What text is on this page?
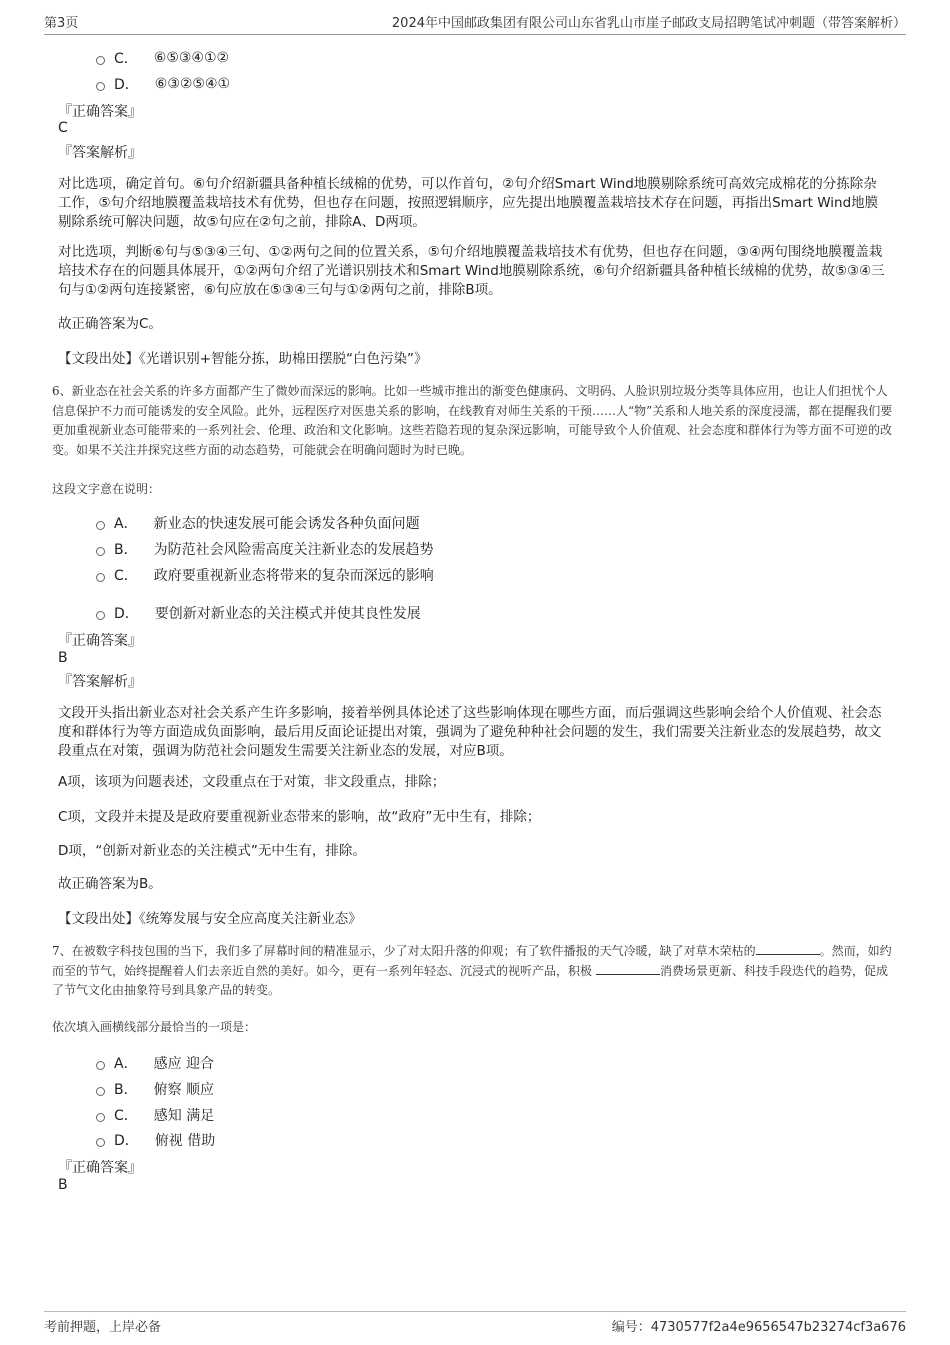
第3页	2024年中国邮政集团有限公司山东省乳山市崖子邮政支局招聘笔试冲刺题（带答案解析）
C． ⑥⑤③④①②
D． ⑥③②⑤④①
『正确答案』
C
『答案解析』
对比选项，确定首句。⑥句介绍新疆具备种植长绒棉的优势，可以作首句，②句介绍Smart Wind地膜剔除系统可高效完成棉花的分拣除杂工作，⑤句介绍地膜覆盖栽培技术有优势，但也存在问题，按照逻辑顺序，应先提出地膜覆盖栽培技术存在问题，再指出Smart Wind地膜剔除系统可解决问题，故⑤句应在②句之前，排除A、D两项。
对比选项，判断⑥句与⑤③④三句、①②两句之间的位置关系，⑤句介绍地膜覆盖栽培技术有优势，但也存在问题，③④两句围绕地膜覆盖栽培技术存在的问题具体展开，①②两句介绍了光谱识别技术和Smart Wind地膜剔除系统，⑥句介绍新疆具备种植长绒棉的优势，故⑤③④三句与①②两句连接紧密，⑥句应放在⑤③④三句与①②两句之前，排除B项。
故正确答案为C。
【文段出处】《光谱识别+智能分拣，助棉田摆脱“白色污染”》
6、新业态在社会关系的许多方面都产生了微妙而深远的影响。比如一些城市推出的渐变色健康码、文明码、人脸识别垃圾分类等具体应用，也让人们担忧个人信息保护不力而可能诱发的安全风险。此外，远程医疗对医患关系的影响，在线教育对师生关系的干预……人“物”关系和人地关系的深度浸濡，都在提醒我们要更加重视新业态可能带来的一系列社会、伦理、政治和文化影响。这些若隐若现的复杂深远影响，可能导致个人价值观、社会态度和群体行为等方面不可逆的改变。如果不关注并探究这些方面的动态趋势，可能就会在明确问题时为时已晚。
这段文字意在说明：
A． 新业态的快速发展可能会诱发各种负面问题
B． 为防范社会风险需高度关注新业态的发展趋势
C． 政府要重视新业态将带来的复杂而深远的影响
D． 要创新对新业态的关注模式并使其良性发展
『正确答案』
B
『答案解析』
文段开头指出新业态对社会关系产生许多影响，接着举例具体论述了这些影响体现在哪些方面，而后强调这些影响会给个人价值观、社会态度和群体行为等方面造成负面影响，最后用反面论证提出对策，强调为了避免种种社会问题的发生，我们需要关注新业态的发展趋势，故文段重点在对策，强调为防范社会问题发生需要关注新业态的发展，对应B项。
A项，该项为问题表述，文段重点在于对策，非文段重点，排除；
C项，文段并未提及是政府要重视新业态带来的影响，故“政府”无中生有，排除；
D项，“创新对新业态的关注模式”无中生有，排除。
故正确答案为B。
【文段出处】《统筹发展与安全应高度关注新业态》
7、在被数字科技包围的当下，我们多了屏幕时间的精准显示，少了对太阳升落的仰观；有了软件播报的天气冷暖，缺了对草木荣枯的	。然而，如约而至的节气，始终提醒着人们去亲近自然的美好。如今，更有一系列年轻态、沉浸式的视听产品，积极	消费场景更新、科技手段迭代的趋势，促成了节气文化由抽象符号到具象产品的转变。
依次填入画横线部分最恰当的一项是：
A． 感应 迎合
B． 俯察 顺应
C． 感知 满足
D． 俯视 借助
『正确答案』
B
考前押题，上岸必备	编号：4730577f2a4e9656547b23274cf3a676
